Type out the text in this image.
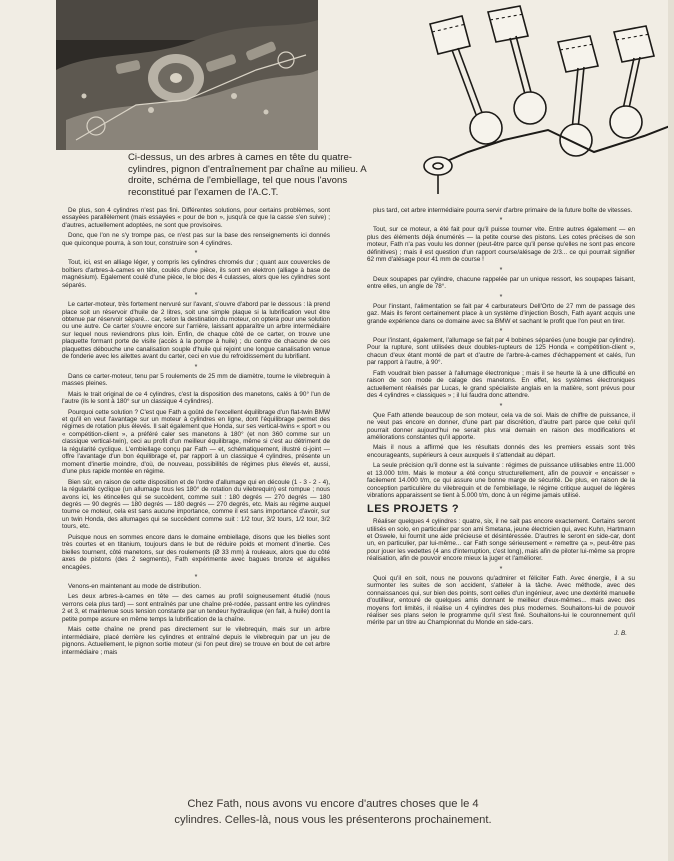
Ci-dessus, un des arbres à cames en tête du quatre-cylindres, pignon d'entraînement par chaîne au milieu. A droite, schéma de l'embiellage, tel que nous l'avons reconstitué par l'examen de l'A.C.T.

De plus, son 4 cylindres n'est pas fini. Différentes solutions, pour certains problèmes, sont essayées parallèlement (mais essayées « pour de bon », jusqu'à ce que la casse s'en suive) ; d'autres, actuellement adoptées, ne sont que provisoires.

Donc, que l'on ne s'y trompe pas, ce n'est pas sur la base des renseignements ici donnés que quiconque pourra, à son tour, construire son 4 cylindres.

*

Tout, ici, est en alliage léger, y compris les cylindres chromés dur ; quant aux couvercles de boîtiers d'arbres-à-cames en tête, coulés d'une pièce, ils sont en elektron (alliage à base de magnésium). Egalement coulé d'une pièce, le bloc des 4 culasses, alors que les cylindres sont séparés.

*

Le carter-moteur, très fortement nervuré sur l'avant, s'ouvre d'abord par le dessous : là prend place soit un réservoir d'huile de 2 litres, soit une simple plaque si la lubrification veut être obtenue par réservoir séparé... car, selon la destination du moteur, on optera pour une solution ou une autre. Ce carter s'ouvre encore sur l'arrière, laissant apparaître un arbre intermédiaire sur lequel nous reviendrons plus loin. Enfin, de chaque côté de ce carter, on trouve une plaquette formant porte de visite (accès à la pompe à huile) ; du centre de chacune de ces plaquettes débouche une canalisation souple d'huile qui rejoint une longue canalisation venue de fonderie avec les ailettes avant du carter, ceci en vue du refroidissement du lubrifiant.

*

Dans ce carter-moteur, tenu par 5 roulements de 25 mm de diamètre, tourne le vilebrequin à masses pleines.

Mais le trait original de ce 4 cylindres, c'est la disposition des manetons, calés à 90° l'un de l'autre (ils le sont à 180° sur un classique 4 cylindres).

Pourquoi cette solution ? C'est que Fath a goûté de l'excellent équilibrage d'un flat-twin BMW et qu'il en veut l'avantage sur un moteur à cylindres en ligne, dont l'équilibrage permet des régimes de rotation plus élevés. Il sait également que Honda, sur ses vertical-twins « sport » ou « compétition-client », a préféré caler ses manetons à 180° (et non 360 comme sur un classique vertical-twin), ceci au profit d'un meilleur équilibrage, même si c'est au détriment de la régularité cyclique. L'embiellage conçu par Fath — et, schématiquement, illustré ci-joint — offre l'avantage d'un bon équilibrage et, par rapport à un classique 4 cylindres, présente un moment d'inertie moindre, d'où, de nouveau, possibilités de régimes plus élevés et, aussi, d'une plus rapide montée en régime.

Bien sûr, en raison de cette disposition et de l'ordre d'allumage qui en découle (1 - 3 - 2 - 4), la régularité cyclique (un allumage tous les 180° de rotation du vilebrequin) est rompue ; nous avons ici, les étincelles qui se succèdent, comme suit : 180 degrés — 270 degrés — 180 degrés — 90 degrés — 180 degrés — 180 degrés — 270 degrés, etc. Mais au régime auquel tourne ce moteur, cela est sans aucune importance, comme il est sans importance d'avoir, sur un twin Honda, des allumages qui se succèdent comme suit : 1/2 tour, 3/2 tours, 1/2 tour, 3/2 tours, etc.

Puisque nous en sommes encore dans le domaine embiellage, disons que les bielles sont très courtes et en titanium, toujours dans le but de réduire poids et moment d'inertie. Ces bielles tournent, côté manetons, sur des roulements (Ø 33 mm) à rouleaux, alors que du côté axes de pistons (des 2 segments), Fath expérimente avec bagues bronze et aiguilles encagées.

*

Venons-en maintenant au mode de distribution.

Les deux arbres-à-cames en tête — des cames au profil soigneusement étudié (nous verrons cela plus tard) — sont entraînés par une chaîne pré-rodée, passant entre les cylindres 2 et 3, et maintenue sous tension constante par un tendeur hydraulique (en fait, à huile) dont la petite pompe assure en même temps la lubrification de la chaîne.

Mais cette chaîne ne prend pas directement sur le vilebrequin, mais sur un arbre intermédiaire, placé derrière les cylindres et entraîné depuis le vilebrequin par un jeu de pignons. Actuellement, le pignon sortie moteur (si l'on peut dire) se trouve en bout de cet arbre intermédiaire ; mais

plus tard, cet arbre intermédiaire pourra servir d'arbre primaire de la future boîte de vitesses.

*

Tout, sur ce moteur, a été fait pour qu'il puisse tourner vite. Entre autres également — en plus des éléments déjà énumérés — la petite course des pistons. Les cotes précises de son moteur, Fath n'a pas voulu les donner (peut-être parce qu'il pense qu'elles ne sont pas encore définitives) ; mais il est question d'un rapport course/alésage de 2/3... ce qui pourrait signifier 62 mm d'alésage pour 41 mm de course !

*

Deux soupapes par cylindre, chacune rappelée par un unique ressort, les soupapes faisant, entre elles, un angle de 78°.

*

Pour l'instant, l'alimentation se fait par 4 carburateurs Dell'Orto de 27 mm de passage des gaz. Mais ils feront certainement place à un système d'injection Bosch, Fath ayant acquis une grande expérience dans ce domaine avec sa BMW et sachant le profit que l'on peut en tirer.

*

Pour l'instant, également, l'allumage se fait par 4 bobines séparées (une bougie par cylindre). Pour la rupture, sont utilisées deux doubles-rupteurs de 125 Honda « compétition-client », chacun d'eux étant monté de part et d'autre de l'arbre-à-cames d'échappement et calés, l'un par rapport à l'autre, à 90°.

Fath voudrait bien passer à l'allumage électronique ; mais il se heurte là à une difficulté en raison de son mode de calage des manetons. En effet, les systèmes électroniques actuellement réalisés par Lucas, le grand spécialiste anglais en la matière, sont prévus pour des 4 cylindres « classiques » ; il lui faudra donc attendre.

*

Que Fath attende beaucoup de son moteur, cela va de soi. Mais de chiffre de puissance, il ne veut pas encore en donner, d'une part par discrétion, d'autre part parce que celui qu'il pourrait donner aujourd'hui ne serait plus vrai demain en raison des modifications et améliorations constantes qu'il apporte.

Mais il nous a affirmé que les résultats donnés des les premiers essais sont très encourageants, supérieurs à ceux auxquels il s'attendait au départ.

La seule précision qu'il donne est la suivante : régimes de puissance utilisables entre 11.000 et 13.000 tr/m. Mais le moteur a été conçu structurellement, afin de pouvoir « encaisser » facilement 14.000 t/m, ce qui assure une bonne marge de sécurité. De plus, en raison de la conception particulière du vilebrequin et de l'embiellage, le régime critique auquel de légères vibrations apparaissent se tient à 5.000 t/m, donc à un régime jamais utilisé.

LES PROJETS ?

Réaliser quelques 4 cylindres : quatre, six, il ne sait pas encore exactement. Certains seront utilisés en solo, en particulier par son ami Smetana, jeune électricien qui, avec Kuhn, Hartmann et Oswele, lui fournit une aide précieuse et désintéressée. D'autres le seront en side-car, dont un, en particulier, par lui-même... car Fath songe sérieusement « remettre ça », peut-être pas pour jouer les vedettes (4 ans d'interruption, c'est long), mais afin de piloter lui-même sa propre réalisation, afin de pouvoir encore mieux la juger et l'améliorer.

*

Quoi qu'il en soit, nous ne pouvons qu'admirer et féliciter Fath. Avec énergie, il a su surmonter les suites de son accident, s'atteler à la tâche. Avec méthode, avec des connaissances qui, sur bien des points, sont celles d'un ingénieur, avec une dextérité manuelle d'outilleur, entouré de quelques amis donnant le meilleur d'eux-mêmes... mais avec des moyens fort limités, il réalise un 4 cylindres des plus modernes. Souhaitons-lui de pouvoir réaliser ses plans selon le programme qu'il s'est fixé. Souhaitons-lui le couronnement qu'il mérite par un titre au Championnat du Monde en side-cars.

J. B.
Chez Fath, nous avons vu encore d'autres choses que le 4 cylindres. Celles-là, nous vous les présenterons prochainement.
